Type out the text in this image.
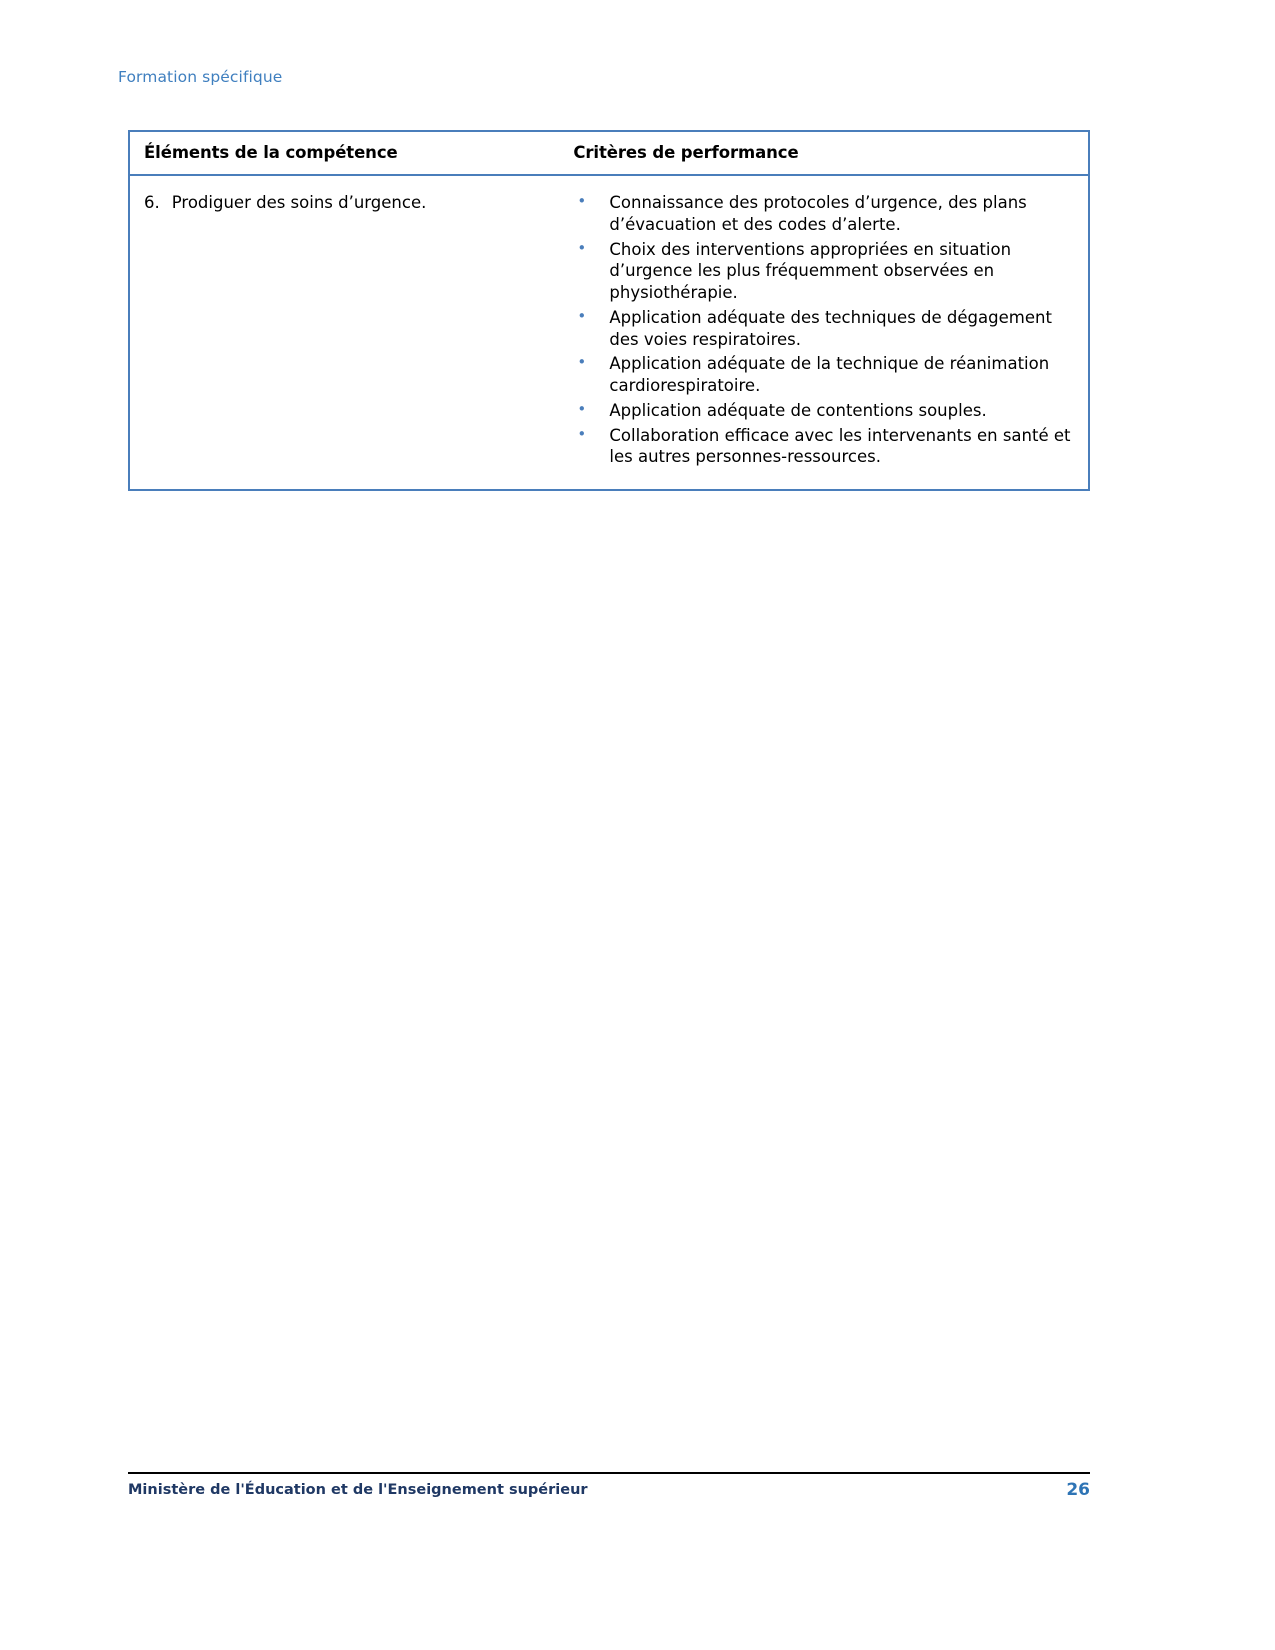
Formation spécifique
Éléments de la compétence	Critères de performance

6. Prodiguer des soins d’urgence.	•	Connaissance des protocoles d’urgence, des plans d’évacuation et des codes d’alerte.
•	Choix des interventions appropriées en situation d’urgence les plus fréquemment observées en physiothérapie.
•	Application adéquate des techniques de dégagement des voies respiratoires.
•	Application adéquate de la technique de réanimation cardiorespiratoire.
•	Application adéquate de contentions souples.
•	Collaboration efficace avec les intervenants en santé et les autres personnes-ressources.
Ministère de l'Éducation et de l'Enseignement supérieur	26
